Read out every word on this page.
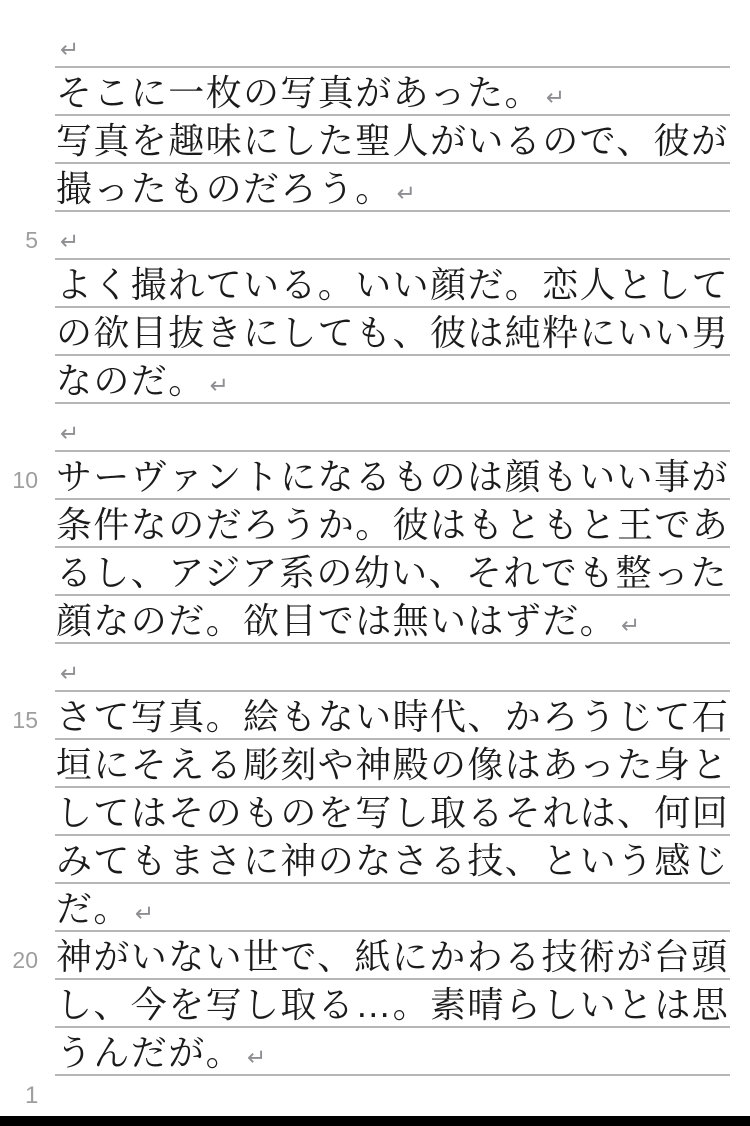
↵
そこに一枚の写真があった。 ↵
写真を趣味にした聖人がいるので、彼が
撮ったものだろう。 ↵
5 ↵
よく撮れている。いい顔だ。恋人として
の欲目抜きにしても、彼は純粋にいい男
なのだ。 ↵
↵
10 サーヴァントになるものは顔もいい事が
条件なのだろうか。彼はもともと王であ
るし、アジア系の幼い、それでも整った
顔なのだ。欲目では無いはずだ。 ↵
↵
15 さて写真。絵もない時代、かろうじて石
垣にそえる彫刻や神殿の像はあった身と
してはそのものを写し取るそれは、何回
みてもまさに神のなさる技、という感じ
だ。 ↵
20 神がいない世で、紙にかわる技術が台頭
し、今を写し取る…。素晴らしいとは思
うんだが。 ↵
1
